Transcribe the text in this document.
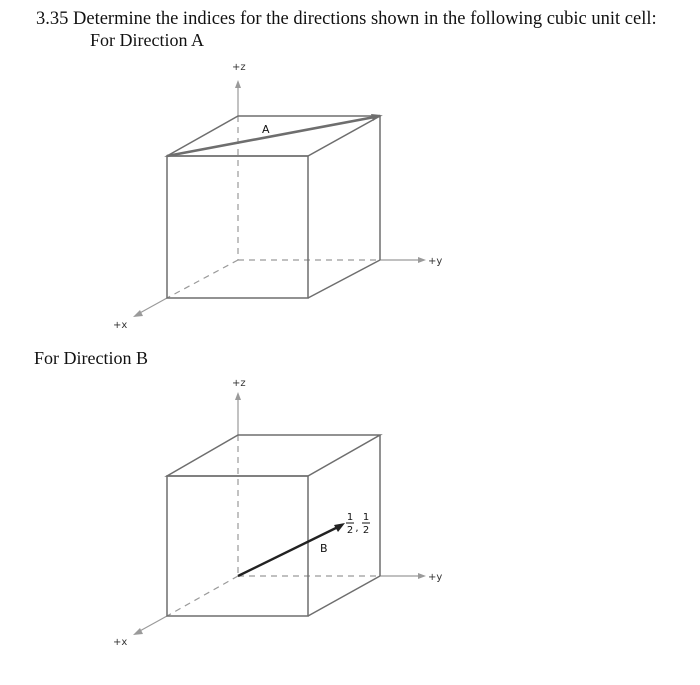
3.35 Determine the indices for the directions shown in the following cubic unit cell:
For Direction A
A
+z
+y
+x
For Direction B
B
1
2 ,
1
2
+z
+y
+x
